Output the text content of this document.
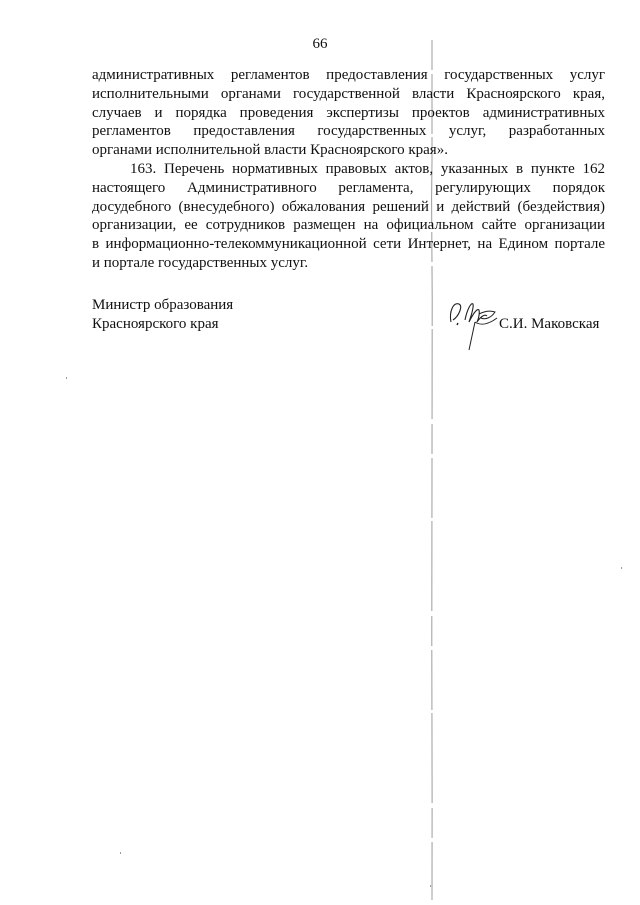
66
административных регламентов предоставления государственных услуг
исполнительными органами государственной власти Красноярского края,
случаев и порядка проведения экспертизы проектов административных
регламентов предоставления государственных услуг, разработанных
органами исполнительной власти Красноярского края».
163. Перечень нормативных правовых актов, указанных в пункте 162
настоящего Административного регламента, регулирующих порядок
досудебного (внесудебного) обжалования решений и действий (бездействия)
организации, ее сотрудников размещен на официальном сайте организации
в информационно-телекоммуникационной сети Интернет, на Едином портале
и портале государственных услуг.
Министр образования
Красноярского края	С.И. Маковская
